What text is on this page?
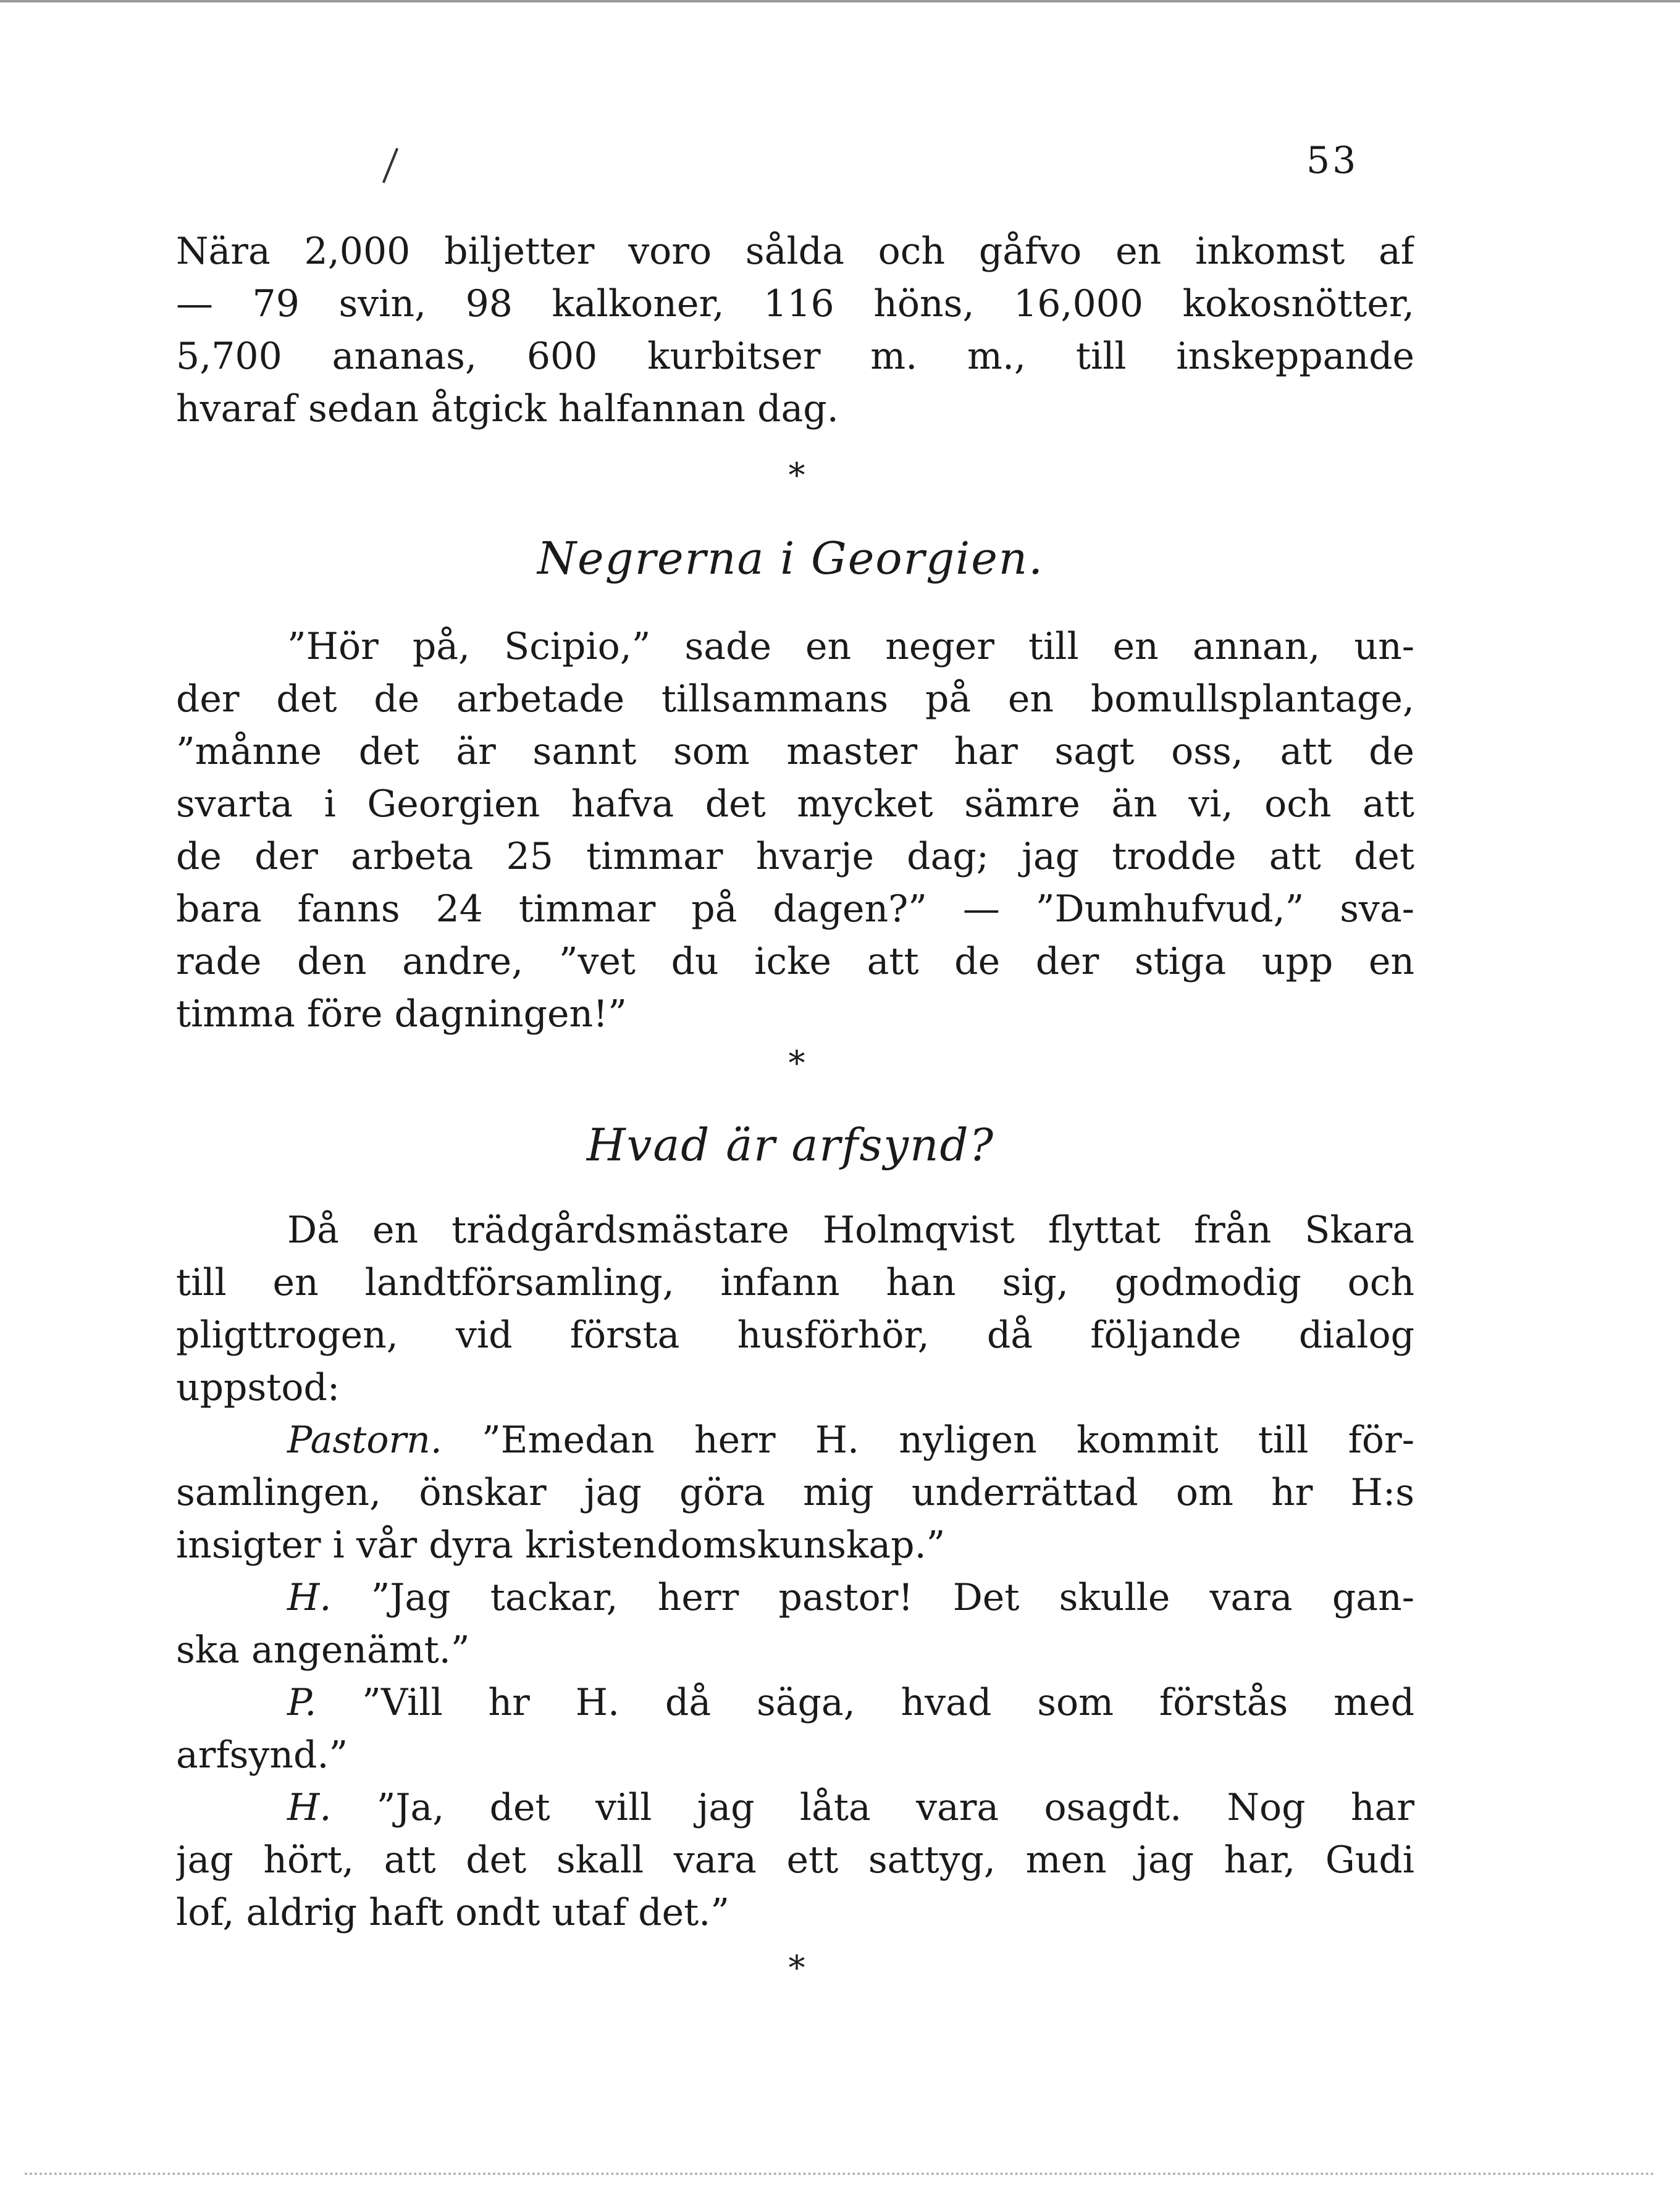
53
Nära 2,000 biljetter voro sålda och gåfvo en inkomst af
— 79 svin, 98 kalkoner, 116 höns, 16,000 kokosnötter,
5,700 ananas, 600 kurbitser m. m., till inskeppande
hvaraf sedan åtgick halfannan dag.
*
Negrerna i Georgien.
”Hör på, Scipio,” sade en neger till en annan, un-
der det de arbetade tillsammans på en bomullsplantage,
”månne det är sannt som master har sagt oss, att de
svarta i Georgien hafva det mycket sämre än vi, och att
de der arbeta 25 timmar hvarje dag; jag trodde att det
bara fanns 24 timmar på dagen?” — ”Dumhufvud,” sva-
rade den andre, ”vet du icke att de der stiga upp en
timma före dagningen!”
*
Hvad är arfsynd?
Då en trädgårdsmästare Holmqvist flyttat från Skara
till en landtförsamling, infann han sig, godmodig och
pligttrogen, vid första husförhör, då följande dialog
uppstod:
Pastorn. ”Emedan herr H. nyligen kommit till för-
samlingen, önskar jag göra mig underrättad om hr H:s
insigter i vår dyra kristendomskunskap.”
H. ”Jag tackar, herr pastor! Det skulle vara gan-
ska angenämt.”
P. ”Vill hr H. då säga, hvad som förstås med
arfsynd.”
H. ”Ja, det vill jag låta vara osagdt. Nog har
jag hört, att det skall vara ett sattyg, men jag har, Gudi
lof, aldrig haft ondt utaf det.”
*
